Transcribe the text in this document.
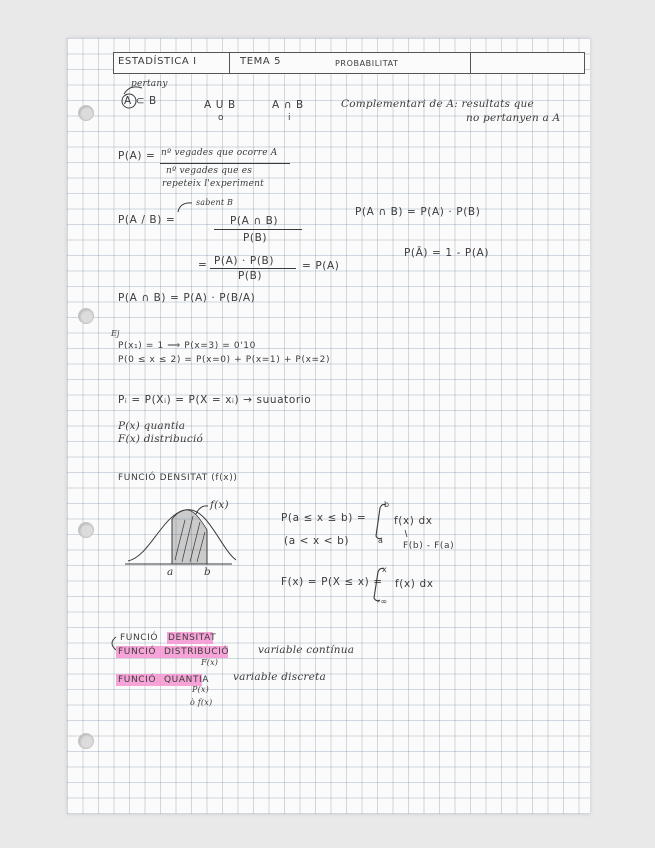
ESTADÍSTICA I	TEMA 5	PROBABILITAT
pertany
A ⊂ B	A U B
o
A ∩ B
i
Complementari de A: resultats que
no pertanyen a A
P(A) = nº vegades que ocorre A
nº vegades que es
repeteix l'experiment
sabent B
P(A / B) =	P(A ∩ B)
P(B)
P(A ∩ B) = P(A) · P(B)
= P(A) · P(B)
P(B)
= P(A)
P(Ā) = 1 - P(A)
P(A ∩ B) = P(A) · P(B/A)
Ej
P(x₁) = 1 ⟹ P(x=3) = 0'10
P(0 ≤ x ≤ 2) = P(x=0) + P(x=1) + P(x=2)
Pᵢ = P(Xᵢ) = P(X = xᵢ) → suuatorio
P(x) quantia
F(x) distribució
FUNCIÓ DENSITAT (f(x))
f(x)
a	b
P(a ≤ x ≤ b) =
b
a
f(x) dx
(a < x < b)	F(b) - F(a)
F(x) = P(X ≤ x) =
x
-∞
f(x) dx
FUNCIÓ DENSITAT
FUNCIÓ DISTRIBUCIÓ	variable contínua
F(x)
FUNCIÓ QUANTIA variable discreta
P(x)
ò f(x)
